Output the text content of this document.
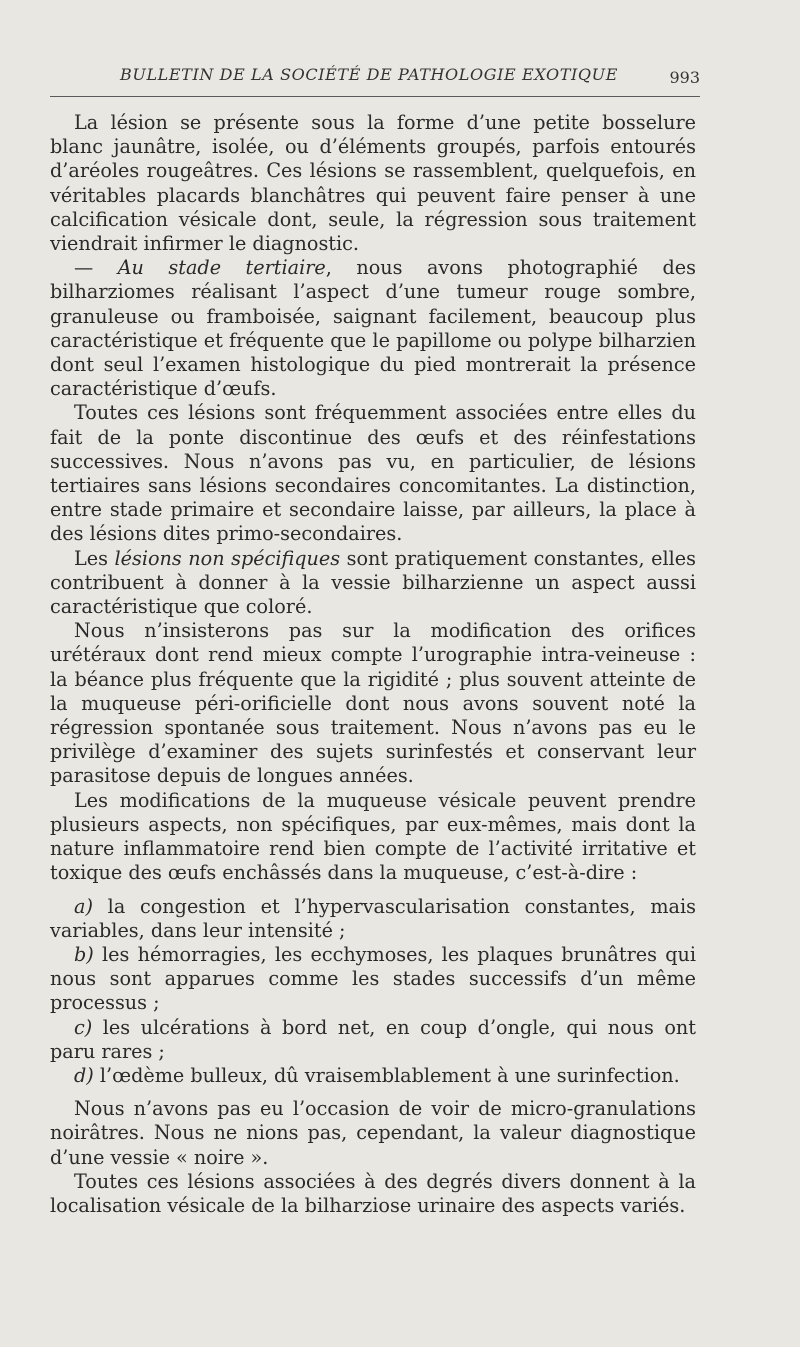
BULLETIN DE LA SOCIÉTÉ DE PATHOLOGIE EXOTIQUE	993

La lésion se présente sous la forme d’une petite bosselure blanc jaunâtre, isolée, ou d’éléments groupés, parfois entourés d’aréoles rougeâtres. Ces lésions se rassemblent, quelquefois, en véritables placards blanchâtres qui peuvent faire penser à une calcification vésicale dont, seule, la régression sous traitement viendrait infirmer le diagnostic.

— Au stade tertiaire, nous avons photographié des bilharziomes réalisant l’aspect d’une tumeur rouge sombre, granuleuse ou framboisée, saignant facilement, beaucoup plus caractéristique et fréquente que le papillome ou polype bilharzien dont seul l’examen histologique du pied montrerait la présence caractéristique d’œufs.

Toutes ces lésions sont fréquemment associées entre elles du fait de la ponte discontinue des œufs et des réinfestations successives. Nous n’avons pas vu, en particulier, de lésions tertiaires sans lésions secondaires concomitantes. La distinction, entre stade primaire et secondaire laisse, par ailleurs, la place à des lésions dites primo-secondaires.

Les lésions non spécifiques sont pratiquement constantes, elles contribuent à donner à la vessie bilharzienne un aspect aussi caractéristique que coloré.

Nous n’insisterons pas sur la modification des orifices urétéraux dont rend mieux compte l’urographie intra-veineuse : la béance plus fréquente que la rigidité ; plus souvent atteinte de la muqueuse péri-orificielle dont nous avons souvent noté la régression spontanée sous traitement. Nous n’avons pas eu le privilège d’examiner des sujets surinfestés et conservant leur parasitose depuis de longues années.

Les modifications de la muqueuse vésicale peuvent prendre plusieurs aspects, non spécifiques, par eux-mêmes, mais dont la nature inflammatoire rend bien compte de l’activité irritative et toxique des œufs enchâssés dans la muqueuse, c’est-à-dire :

a) la congestion et l’hypervascularisation constantes, mais variables, dans leur intensité ;

b) les hémorragies, les ecchymoses, les plaques brunâtres qui nous sont apparues comme les stades successifs d’un même processus ;

c) les ulcérations à bord net, en coup d’ongle, qui nous ont paru rares ;

d) l’œdème bulleux, dû vraisemblablement à une surinfection.

Nous n’avons pas eu l’occasion de voir de micro-granulations noirâtres. Nous ne nions pas, cependant, la valeur diagnostique d’une vessie « noire ».

Toutes ces lésions associées à des degrés divers donnent à la localisation vésicale de la bilharziose urinaire des aspects variés.
